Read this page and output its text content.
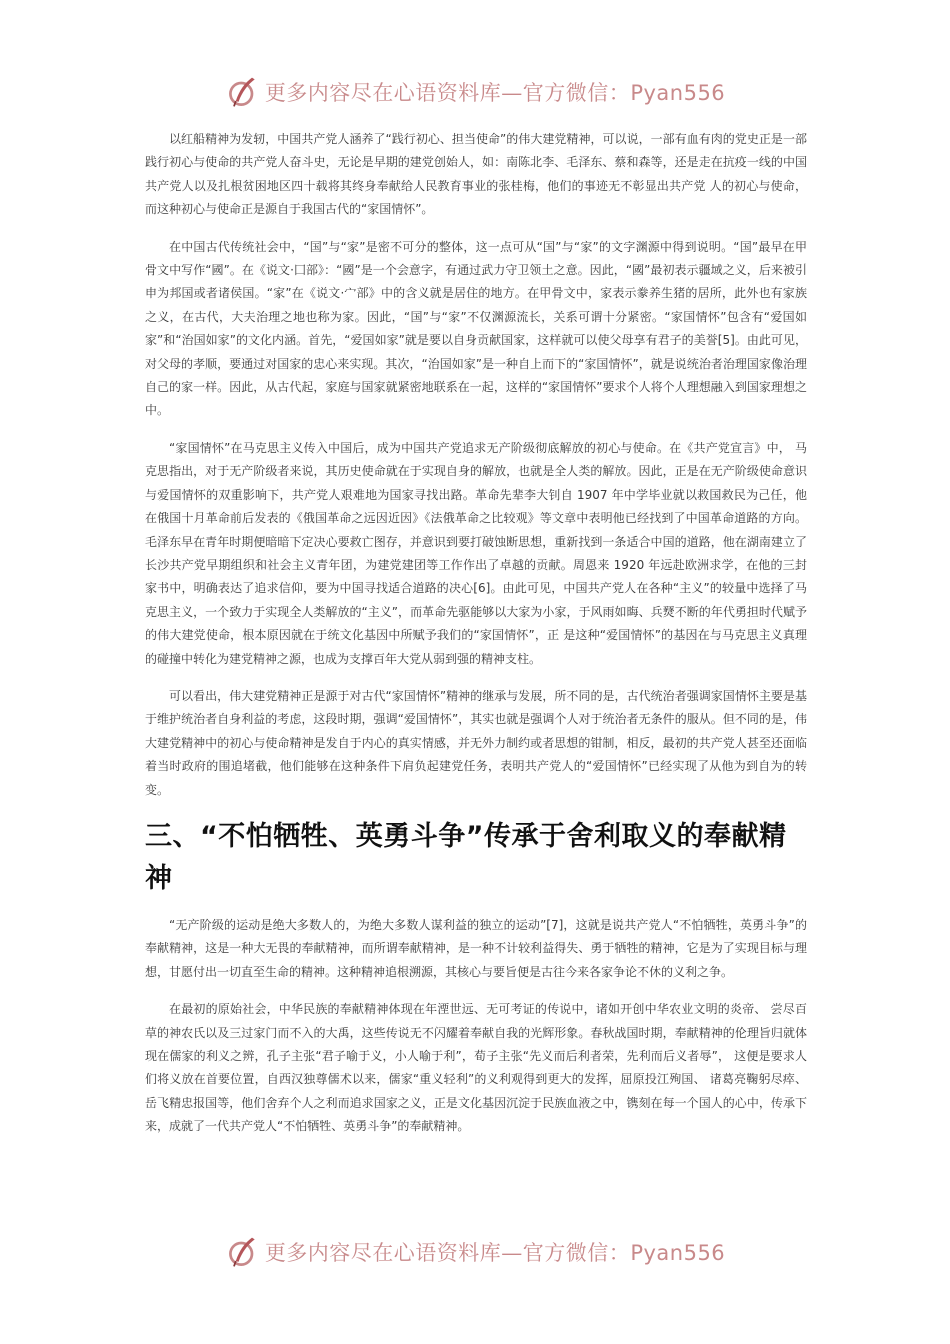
更多内容尽在心语资料库—官方微信：Pyan556

以红船精神为发轫，中国共产党人涵养了“践行初心、担当使命”的伟大建党精神，可以说，一部有血有肉的党史正是一部践行初心与使命的共产党人奋斗史，无论是早期的建党创始人，如：南陈北李、毛泽东、蔡和森等，还是走在抗疫一线的中国共产党人以及扎根贫困地区四十载将其终身奉献给人民教育事业的张桂梅，他们的事迹无不彰显出共产党 人的初心与使命，而这种初心与使命正是源自于我国古代的“家国情怀”。

在中国古代传统社会中，“国”与“家”是密不可分的整体，这一点可从“国”与“家”的文字渊源中得到说明。“国”最早在甲骨文中写作“國”。在《说文·囗部》：“國”是一个会意字，有通过武力守卫领土之意。因此，“國”最初表示疆域之义，后来被引申为邦国或者诸侯国。“家”在《说文·宀部》中的含义就是居住的地方。在甲骨文中，家表示豢养生猪的居所，此外也有家族之义，在古代，大夫治理之地也称为家。因此，“国”与“家”不仅渊源流长，关系可谓十分紧密。“家国情怀”包含有“爱国如家”和“治国如家”的文化内涵。首先，“爱国如家”就是要以自身贡献国家，这样就可以使父母享有君子的美誉[5]。由此可见，对父母的孝顺，要通过对国家的忠心来实现。其次，“治国如家”是一种自上而下的“家国情怀”，就是说统治者治理国家像治理自己的家一样。因此，从古代起，家庭与国家就紧密地联系在一起，这样的“家国情怀”要求个人将个人理想融入到国家理想之中。

“家国情怀”在马克思主义传入中国后，成为中国共产党追求无产阶级彻底解放的初心与使命。在《共产党宣言》中， 马克思指出，对于无产阶级者来说，其历史使命就在于实现自身的解放，也就是全人类的解放。因此，正是在无产阶级使命意识与爱国情怀的双重影响下，共产党人艰难地为国家寻找出路。革命先辈李大钊自 1907 年中学毕业就以救国救民为己任，他在俄国十月革命前后发表的《俄国革命之远因近因》《法俄革命之比较观》等文章中表明他已经找到了中国革命道路的方向。毛泽东早在青年时期便暗暗下定决心要救亡图存，并意识到要打破蚀断思想，重新找到一条适合中国的道路，他在湖南建立了长沙共产党早期组织和社会主义青年团，为建党建团等工作作出了卓越的贡献。周恩来 1920 年远赴欧洲求学，在他的三封家书中，明确表达了追求信仰，要为中国寻找适合道路的决心[6]。由此可见，中国共产党人在各种“主义”的较量中选择了马克思主义，一个致力于实现全人类解放的“主义”，而革命先驱能够以大家为小家，于风雨如晦、兵燹不断的年代勇担时代赋予的伟大建党使命，根本原因就在于统文化基因中所赋予我们的“家国情怀”，正 是这种“爱国情怀”的基因在与马克思主义真理的碰撞中转化为建党精神之源，也成为支撑百年大党从弱到强的精神支柱。

可以看出，伟大建党精神正是源于对古代“家国情怀”精神的继承与发展，所不同的是，古代统治者强调家国情怀主要是基于维护统治者自身利益的考虑，这段时期，强调“爱国情怀”，其实也就是强调个人对于统治者无条件的服从。但不同的是，伟大建党精神中的初心与使命精神是发自于内心的真实情感，并无外力制约或者思想的钳制，相反，最初的共产党人甚至还面临着当时政府的围追堵截，他们能够在这种条件下肩负起建党任务，表明共产党人的“爱国情怀”已经实现了从他为到自为的转变。

三、“不怕牺牲、英勇斗争”传承于舍利取义的奉献精神

“无产阶级的运动是绝大多数人的，为绝大多数人谋利益的独立的运动”[7]，这就是说共产党人“不怕牺牲，英勇斗争”的奉献精神，这是一种大无畏的奉献精神，而所谓奉献精神，是一种不计较利益得失、勇于牺牲的精神，它是为了实现目标与理想，甘愿付出一切直至生命的精神。这种精神追根溯源，其核心与要旨便是古往今来各家争论不休的义利之争。

在最初的原始社会，中华民族的奉献精神体现在年湮世远、无可考证的传说中，诸如开创中华农业文明的炎帝、 尝尽百草的神农氏以及三过家门而不入的大禹，这些传说无不闪耀着奉献自我的光辉形象。春秋战国时期，奉献精神的伦理旨归就体现在儒家的利义之辨，孔子主张“君子喻于义，小人喻于利”，荀子主张“先义而后利者荣，先利而后义者辱”， 这便是要求人们将义放在首要位置，自西汉独尊儒术以来，儒家“重义轻利”的义利观得到更大的发挥，屈原投江殉国、 诸葛亮鞠躬尽瘁、岳飞精忠报国等，他们舍弃个人之利而追求国家之义，正是文化基因沉淀于民族血液之中，镌刻在每一个国人的心中，传承下来，成就了一代共产党人“不怕牺牲、英勇斗争”的奉献精神。

更多内容尽在心语资料库—官方微信：Pyan556
